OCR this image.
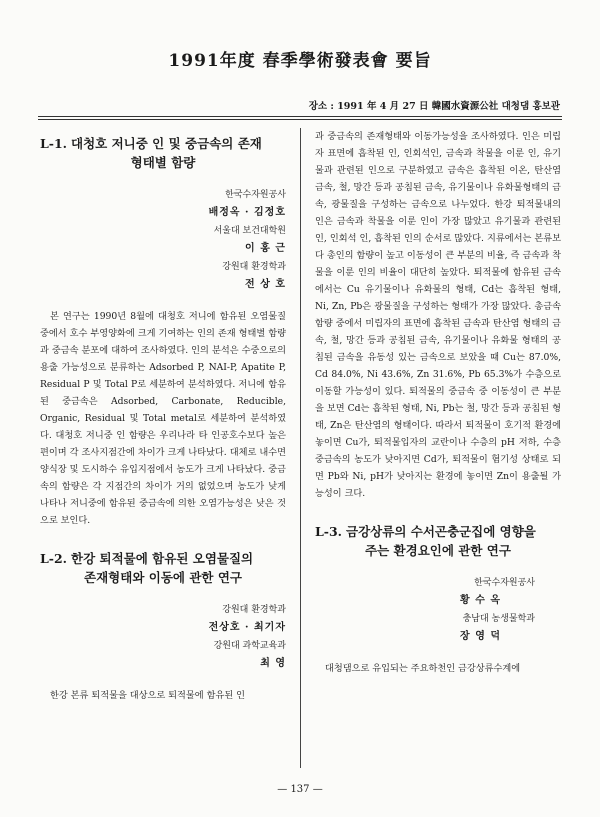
1991年度 春季學術發表會 要旨
장소 : 1991 年 4 月 27 日 韓國水資源公社 대청댐 홍보관
L-1. 대청호 저니중 인 및 중금속의 존재
형태별 함량
한국수자원공사
배정옥 · 김정호
서울대 보건대학원
이 홍 근
강원대 환경학과
전 상 호

본 연구는 1990년 8월에 대청호 저니에 함유된 오염물질 중에서 호수 부영양화에 크게 기여하는 인의 존재 형태별 함량과 중금속 분포에 대하여 조사하였다. 인의 분석은 수중으로의 용출 가능성으로 분류하는 Adsorbed P, NAI-P, Apatite P, Residual P 및 Total P로 세분하여 분석하였다. 저니에 함유된 중금속은 Adsorbed, Carbonate, Reducible, Organic, Residual 및 Total metal로 세분하여 분석하였다. 대청호 저니중 인 함량은 우리나라 타 인공호수보다 높은 편이며 각 조사지점간에 차이가 크게 나타났다. 대체로 내수면 양식장 및 도시하수 유입지점에서 농도가 크게 나타났다. 중금속의 함량은 각 지점간의 차이가 거의 없었으며 농도가 낮게 나타나 저니중에 함유된 중금속에 의한 오염가능성은 낮은 것으로 보인다.

L-2. 한강 퇴적물에 함유된 오염물질의
존재형태와 이동에 관한 연구
강원대 환경학과
전상호 · 최기자
강원대 과학교육과
최 영

한강 본류 퇴적물을 대상으로 퇴적물에 함유된 인

과 중금속의 존재형태와 이동가능성을 조사하였다. 인은 미립자 표면에 흡착된 인, 인회석인, 금속과 착물을 이룬 인, 유기물과 관련된 인으로 구분하였고 금속은 흡착된 이온, 탄산염 금속, 철, 망간 등과 공침된 금속, 유기물이나 유화물형태의 금속, 광물질을 구성하는 금속으로 나누었다. 한강 퇴적물내의 인은 금속과 착물을 이룬 인이 가장 많았고 유기물과 관련된 인, 인회석 인, 흡착된 인의 순서로 많았다. 지류에서는 본류보다 총인의 함량이 높고 이동성이 큰 부분의 비율, 즉 금속과 착물을 이룬 인의 비율이 대단히 높았다. 퇴적물에 함유된 금속에서는 Cu 유기물이나 유화물의 형태, Cd는 흡착된 형태, Ni, Zn, Pb은 광물질을 구성하는 형태가 가장 많았다. 총금속 함량 중에서 미립자의 표면에 흡착된 금속과 탄산염 형태의 금속, 철, 망간 등과 공침된 금속, 유기물이나 유화물 형태의 공침된 금속을 유동성 있는 금속으로 보았을 때 Cu는 87.0%, Cd 84.0%, Ni 43.6%, Zn 31.6%, Pb 65.3%가 수층으로 이동할 가능성이 있다. 퇴적물의 중금속 중 이동성이 큰 부분을 보면 Cd는 흡착된 형태, Ni, Pb는 철, 망간 등과 공침된 형태, Zn은 탄산염의 형태이다. 따라서 퇴적물이 호기적 환경에 놓이면 Cu가, 퇴적물입자의 교란이나 수층의 pH 저하, 수층 중금속의 농도가 낮아지면 Cd가, 퇴적물이 혐기성 상태로 되면 Pb와 Ni, pH가 낮아지는 환경에 놓이면 Zn이 용출될 가능성이 크다.

L-3. 금강상류의 수서곤충군집에 영향을
주는 환경요인에 관한 연구
한국수자원공사
황 수 옥
충남대 농생물학과
장 영 덕

대청댐으로 유입되는 주요하천인 금강상류수계에

— 137 —
